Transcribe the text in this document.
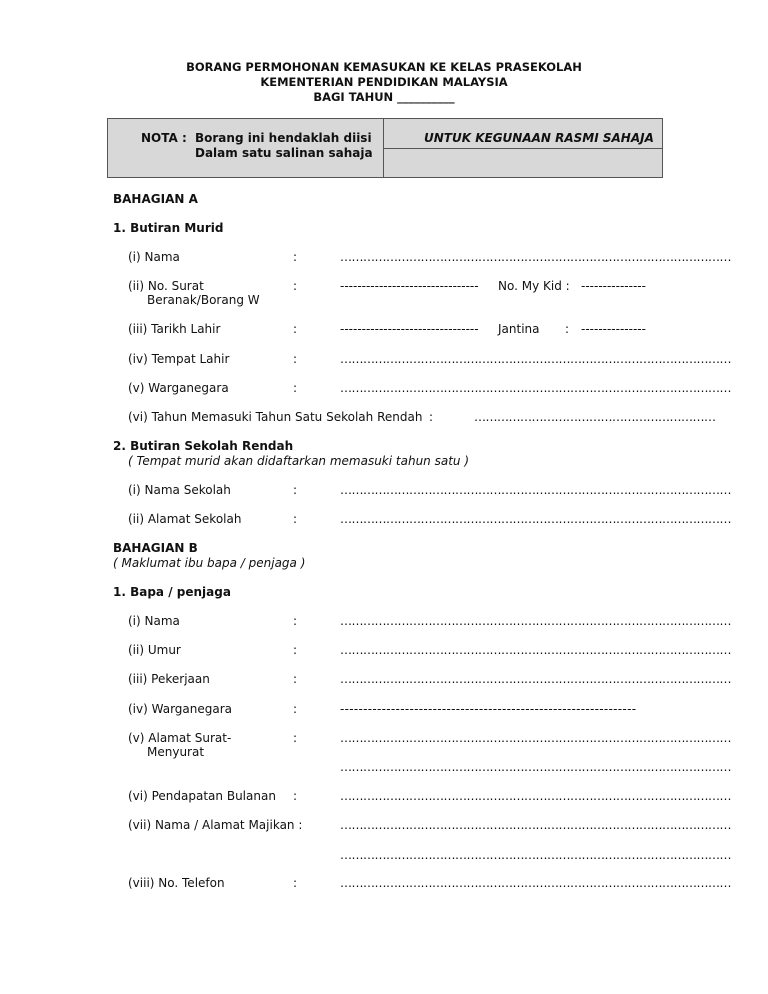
BORANG PERMOHONAN KEMASUKAN KE KELAS PRASEKOLAH
KEMENTERIAN PENDIDIKAN MALAYSIA
BAGI TAHUN __________
NOTA : Borang ini hendaklah diisi
Dalam satu salinan sahaja
UNTUK KEGUNAAN RASMI SAHAJA
BAHAGIAN A
1. Butiran Murid
(i) Nama	:	…………………………………………………………………………………………
(ii) No. Surat
Beranak/Borang W
:	-------------------------------- No. My Kid : ---------------
(iii) Tarikh Lahir	:	-------------------------------- Jantina : ---------------
(iv) Tempat Lahir	:	…………………………………………………………………………………………
(v) Warganegara	:	…………………………………………………………………………………………
(vi) Tahun Memasuki Tahun Satu Sekolah Rendah :	………………………………………………………
2. Butiran Sekolah Rendah
( Tempat murid akan didaftarkan memasuki tahun satu )
(i) Nama Sekolah	:	…………………………………………………………………………………………
(ii) Alamat Sekolah	:	…………………………………………………………………………………………
BAHAGIAN B
( Maklumat ibu bapa / penjaga )
1. Bapa / penjaga
(i) Nama	:	…………………………………………………………………………………………
(ii) Umur	:	…………………………………………………………………………………………
(iii) Pekerjaan	:	…………………………………………………………………………………………
(iv) Warganegara	:	----------------------------------------------------------------
(v) Alamat Surat-
Menyurat
:	…………………………………………………………………………………………
…………………………………………………………………………………………
(vi) Pendapatan Bulanan :	…………………………………………………………………………………………
(vii) Nama / Alamat Majikan :	…………………………………………………………………………………………
…………………………………………………………………………………………
(viii) No. Telefon	:	…………………………………………………………………………………………
